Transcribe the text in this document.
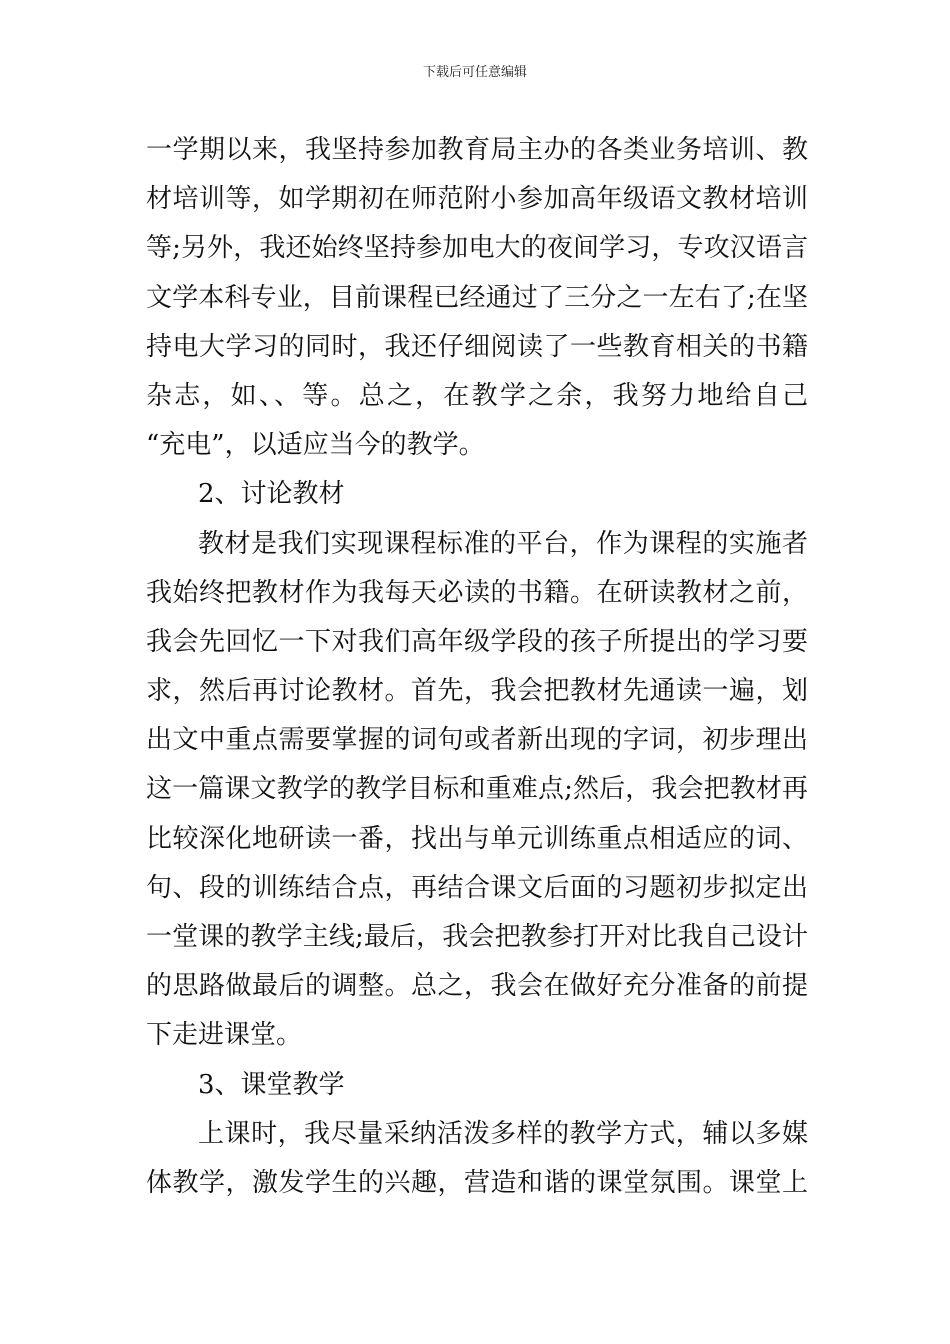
下载后可任意编辑
一学期以来，我坚持参加教育局主办的各类业务培训、教
材培训等，如学期初在师范附小参加高年级语文教材培训
等;另外，我还始终坚持参加电大的夜间学习，专攻汉语言
文学本科专业，目前课程已经通过了三分之一左右了;在坚
持电大学习的同时，我还仔细阅读了一些教育相关的书籍
杂志，如、、等。总之，在教学之余，我努力地给自己
“充电”，以适应当今的教学。
2、讨论教材
教材是我们实现课程标准的平台，作为课程的实施者
我始终把教材作为我每天必读的书籍。在研读教材之前，
我会先回忆一下对我们高年级学段的孩子所提出的学习要
求，然后再讨论教材。首先，我会把教材先通读一遍，划
出文中重点需要掌握的词句或者新出现的字词，初步理出
这一篇课文教学的教学目标和重难点;然后，我会把教材再
比较深化地研读一番，找出与单元训练重点相适应的词、
句、段的训练结合点，再结合课文后面的习题初步拟定出
一堂课的教学主线;最后，我会把教参打开对比我自己设计
的思路做最后的调整。总之，我会在做好充分准备的前提
下走进课堂。
3、课堂教学
上课时，我尽量采纳活泼多样的教学方式，辅以多媒
体教学，激发学生的兴趣，营造和谐的课堂氛围。课堂上
